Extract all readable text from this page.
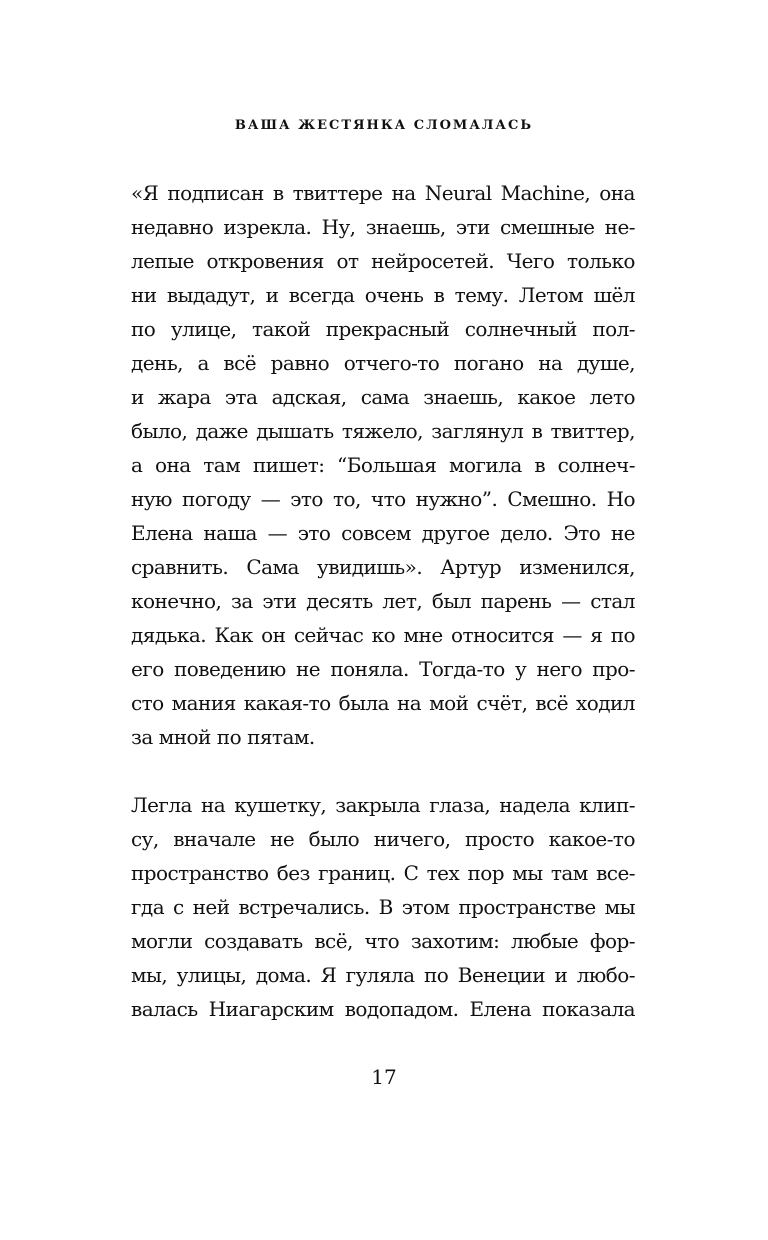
ВАША ЖЕСТЯНКА СЛОМАЛАСЬ
«Я подписан в твиттере на Neural Machine, она
недавно изрекла. Ну, знаешь, эти смешные не-
лепые откровения от нейросетей. Чего только
ни выдадут, и всегда очень в тему. Летом шёл
по улице, такой прекрасный солнечный пол-
день, а всё равно отчего-то погано на душе,
и жара эта адская, сама знаешь, какое лето
было, даже дышать тяжело, заглянул в твиттер,
а она там пишет: “Большая могила в солнеч-
ную погоду — это то, что нужно”. Смешно. Но
Елена наша — это совсем другое дело. Это не
сравнить. Сама увидишь». Артур изменился,
конечно, за эти десять лет, был парень — стал
дядька. Как он сейчас ко мне относится — я по
его поведению не поняла. Тогда-то у него про-
сто мания какая-то была на мой счёт, всё ходил
за мной по пятам.
Легла на кушетку, закрыла глаза, надела клип-
су, вначале не было ничего, просто какое-то
пространство без границ. С тех пор мы там все-
гда с ней встречались. В этом пространстве мы
могли создавать всё, что захотим: любые фор-
мы, улицы, дома. Я гуляла по Венеции и любо-
валась Ниагарским водопадом. Елена показала
17
